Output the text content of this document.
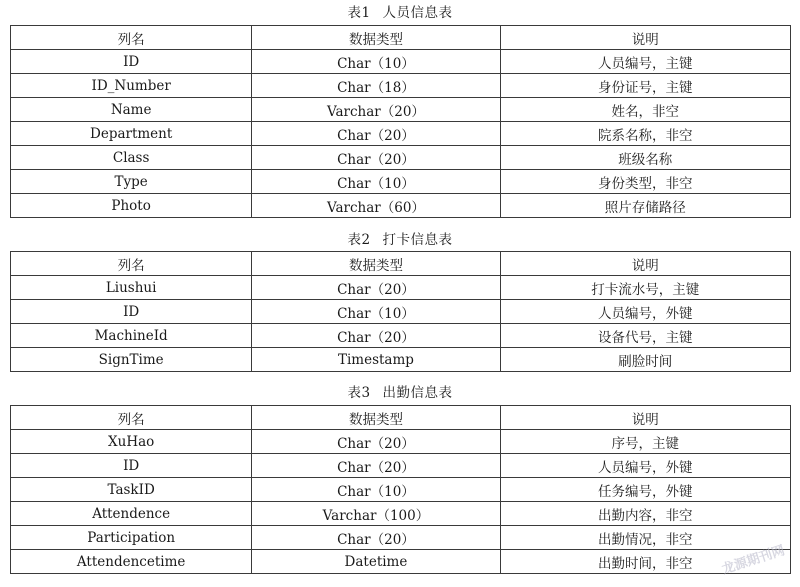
表1 人员信息表
列名	数据类型	说明
ID	Char（10）	人员编号，主键
ID_Number	Char（18）	身份证号，主键
Name	Varchar（20）	姓名，非空
Department	Char（20）	院系名称，非空
Class	Char（20）	班级名称
Type	Char（10）	身份类型，非空
Photo	Varchar（60）	照片存储路径
表2 打卡信息表
列名	数据类型	说明
Liushui	Char（20）	打卡流水号，主键
ID	Char（10）	人员编号，外键
MachineId	Char（20）	设备代号，主键
SignTime	Timestamp	刷脸时间
表3 出勤信息表
列名	数据类型	说明
XuHao	Char（20）	序号，主键
ID	Char（20）	人员编号，外键
TaskID	Char（10）	任务编号，外键
Attendence	Varchar（100）	出勤内容，非空
Participation	Char（20）	出勤情况，非空
Attendencetime	Datetime	出勤时间，非空 龙源期刊网
